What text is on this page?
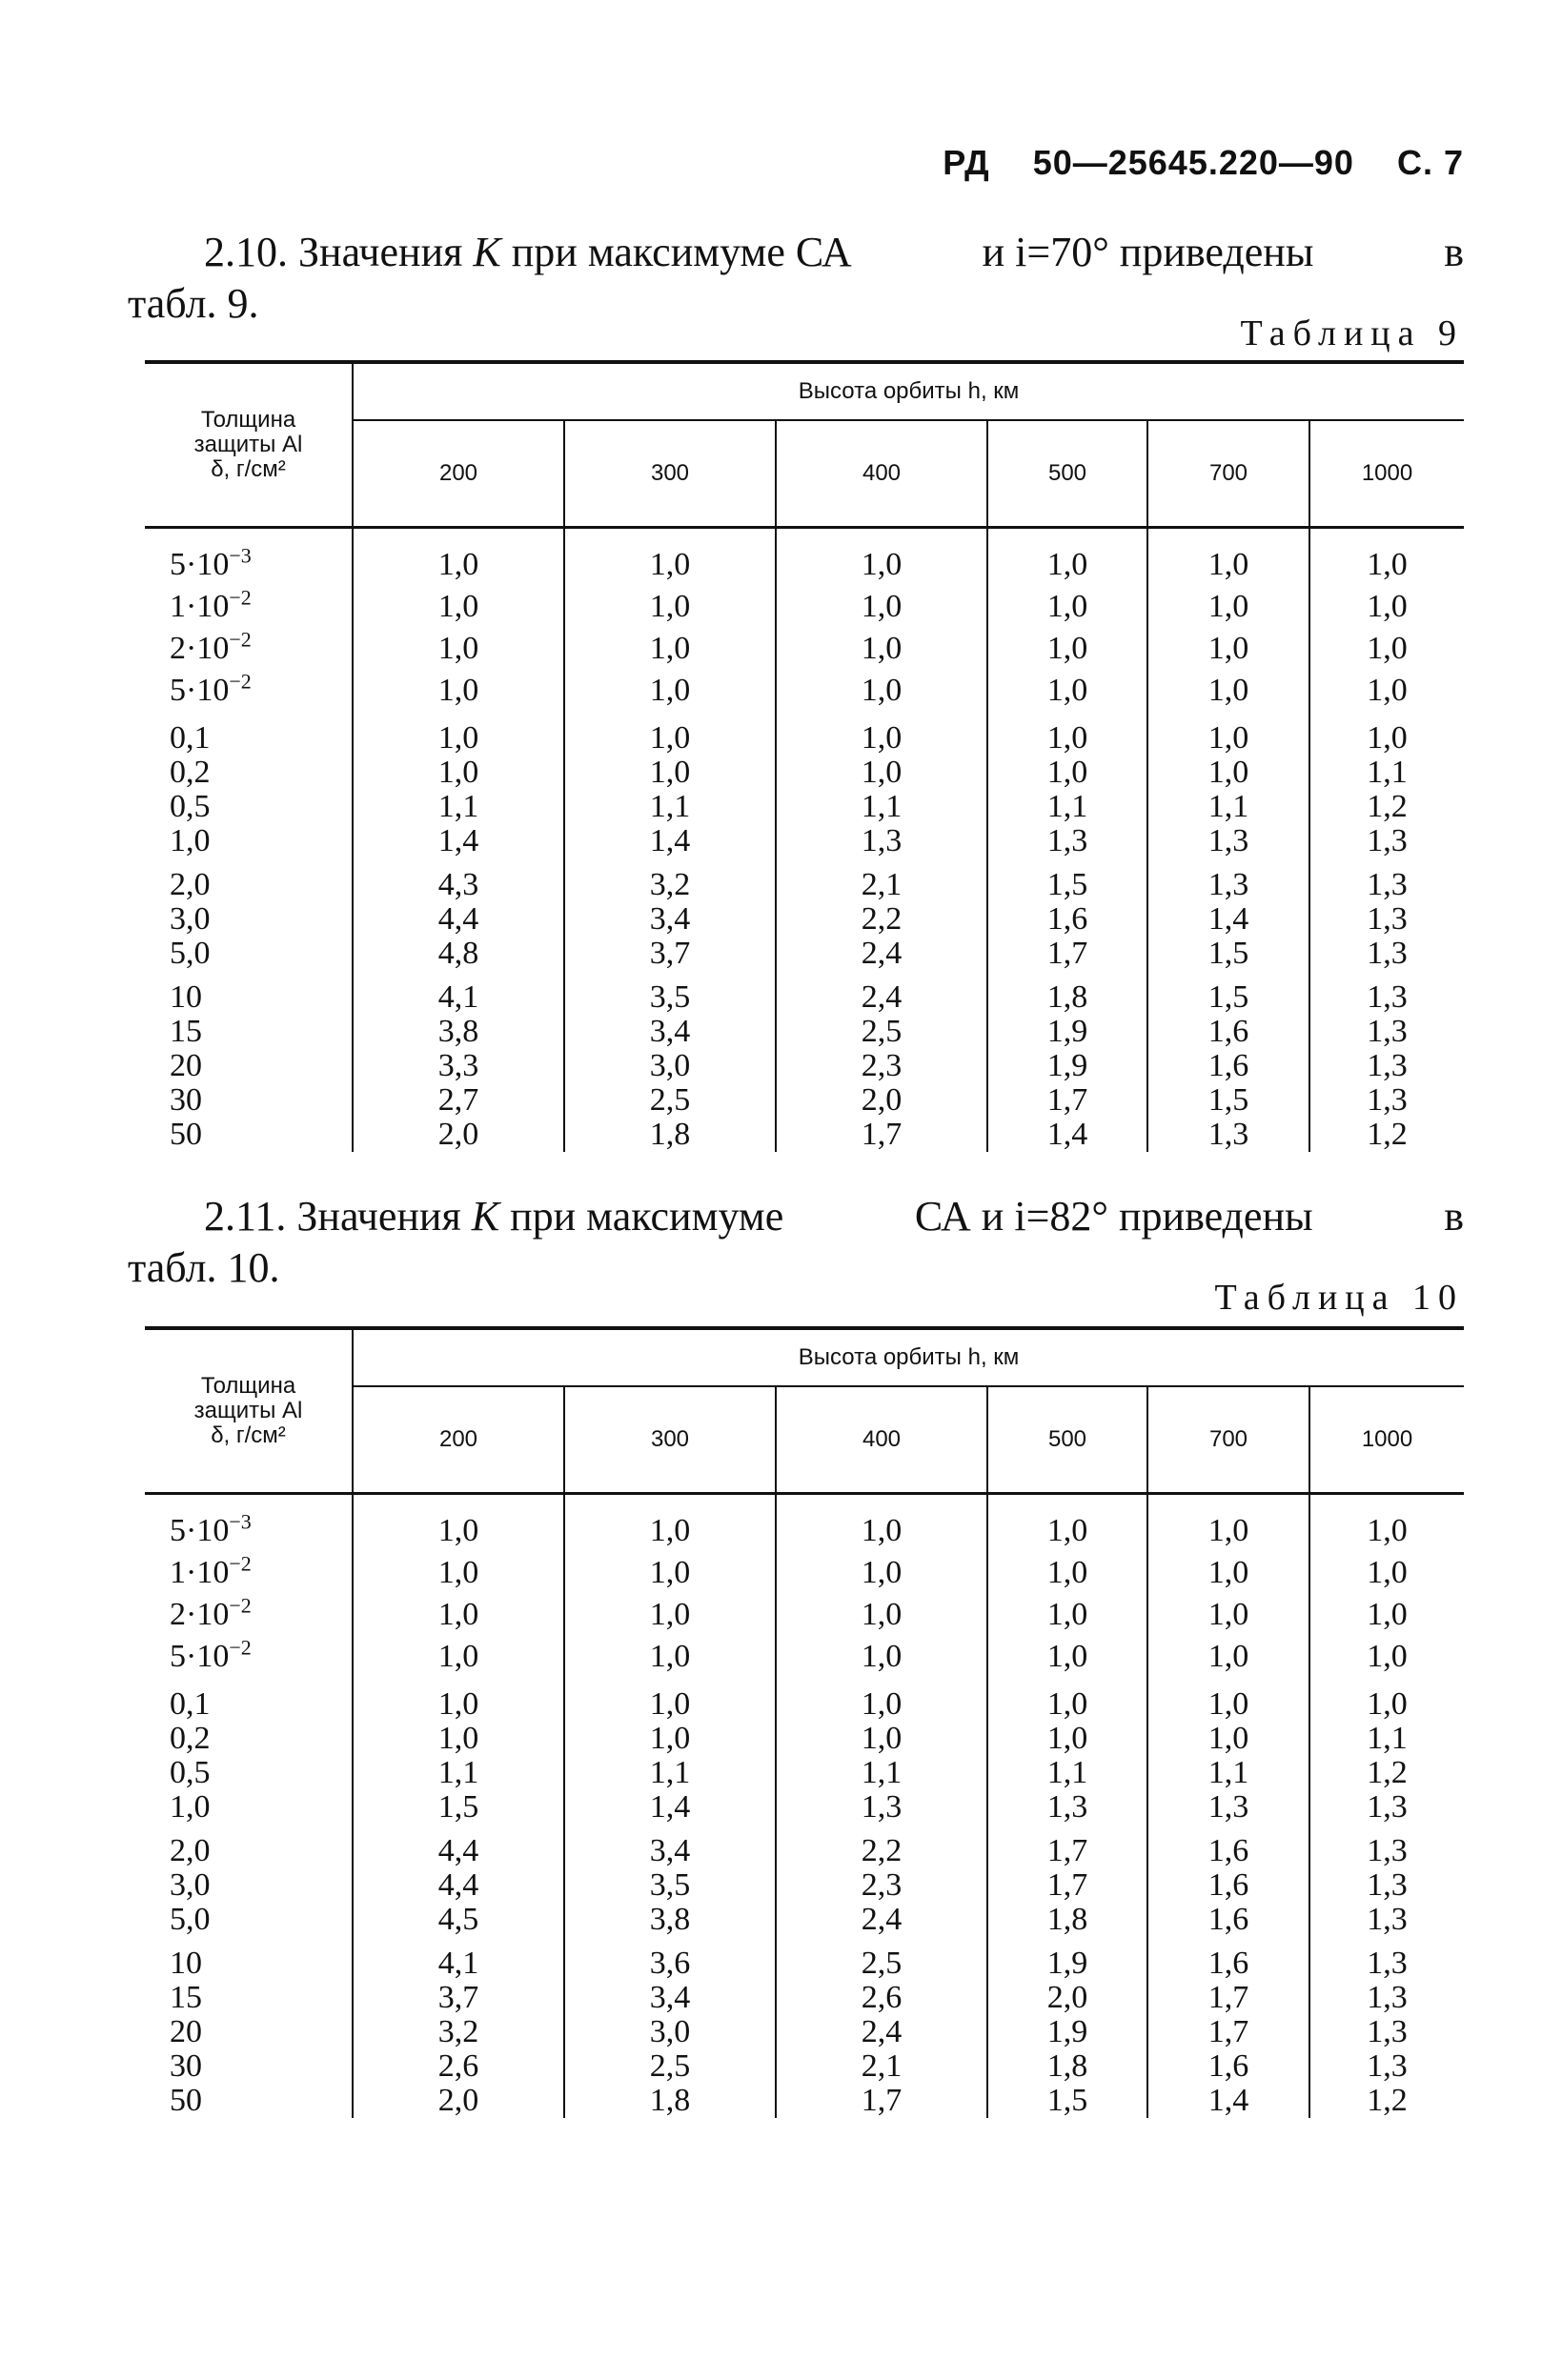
РД 50—25645.220—90 С. 7
2.10. Значения K при максимуме СА	и i=70° приведены	в
табл. 9.
Таблица 9
Толщина
защиты Al
δ, г/см²	Высота орбиты h, км					
	200	300	400	500	700	1000

$5\cdot 10^{-3}$	1,0	1,0	1,0	1,0	1,0	1,0
$1\cdot 10^{-2}$	1,0	1,0	1,0	1,0	1,0	1,0
$2\cdot 10^{-2}$	1,0	1,0	1,0	1,0	1,0	1,0
$5\cdot 10^{-2}$	1,0	1,0	1,0	1,0	1,0	1,0
0,1	1,0	1,0	1,0	1,0	1,0	1,0
0,2	1,0	1,0	1,0	1,0	1,0	1,1
0,5	1,1	1,1	1,1	1,1	1,1	1,2
1,0	1,4	1,4	1,3	1,3	1,3	1,3
2,0	4,3	3,2	2,1	1,5	1,3	1,3
3,0	4,4	3,4	2,2	1,6	1,4	1,3
5,0	4,8	3,7	2,4	1,7	1,5	1,3
10	4,1	3,5	2,4	1,8	1,5	1,3
15	3,8	3,4	2,5	1,9	1,6	1,3
20	3,3	3,0	2,3	1,9	1,6	1,3
30	2,7	2,5	2,0	1,7	1,5	1,3
50	2,0	1,8	1,7	1,4	1,3	1,2
2.11. Значения K при максимуме	СА и i=82° приведены	в
табл. 10.
Таблица 10
Толщина
защиты Al
δ, г/см²	Высота орбиты h, км					
	200	300	400	500	700	1000

$5\cdot 10^{-3}$	1,0	1,0	1,0	1,0	1,0	1,0
$1\cdot 10^{-2}$	1,0	1,0	1,0	1,0	1,0	1,0
$2\cdot 10^{-2}$	1,0	1,0	1,0	1,0	1,0	1,0
$5\cdot 10^{-2}$	1,0	1,0	1,0	1,0	1,0	1,0
0,1	1,0	1,0	1,0	1,0	1,0	1,0
0,2	1,0	1,0	1,0	1,0	1,0	1,1
0,5	1,1	1,1	1,1	1,1	1,1	1,2
1,0	1,5	1,4	1,3	1,3	1,3	1,3
2,0	4,4	3,4	2,2	1,7	1,6	1,3
3,0	4,4	3,5	2,3	1,7	1,6	1,3
5,0	4,5	3,8	2,4	1,8	1,6	1,3
10	4,1	3,6	2,5	1,9	1,6	1,3
15	3,7	3,4	2,6	2,0	1,7	1,3
20	3,2	3,0	2,4	1,9	1,7	1,3
30	2,6	2,5	2,1	1,8	1,6	1,3
50	2,0	1,8	1,7	1,5	1,4	1,2
